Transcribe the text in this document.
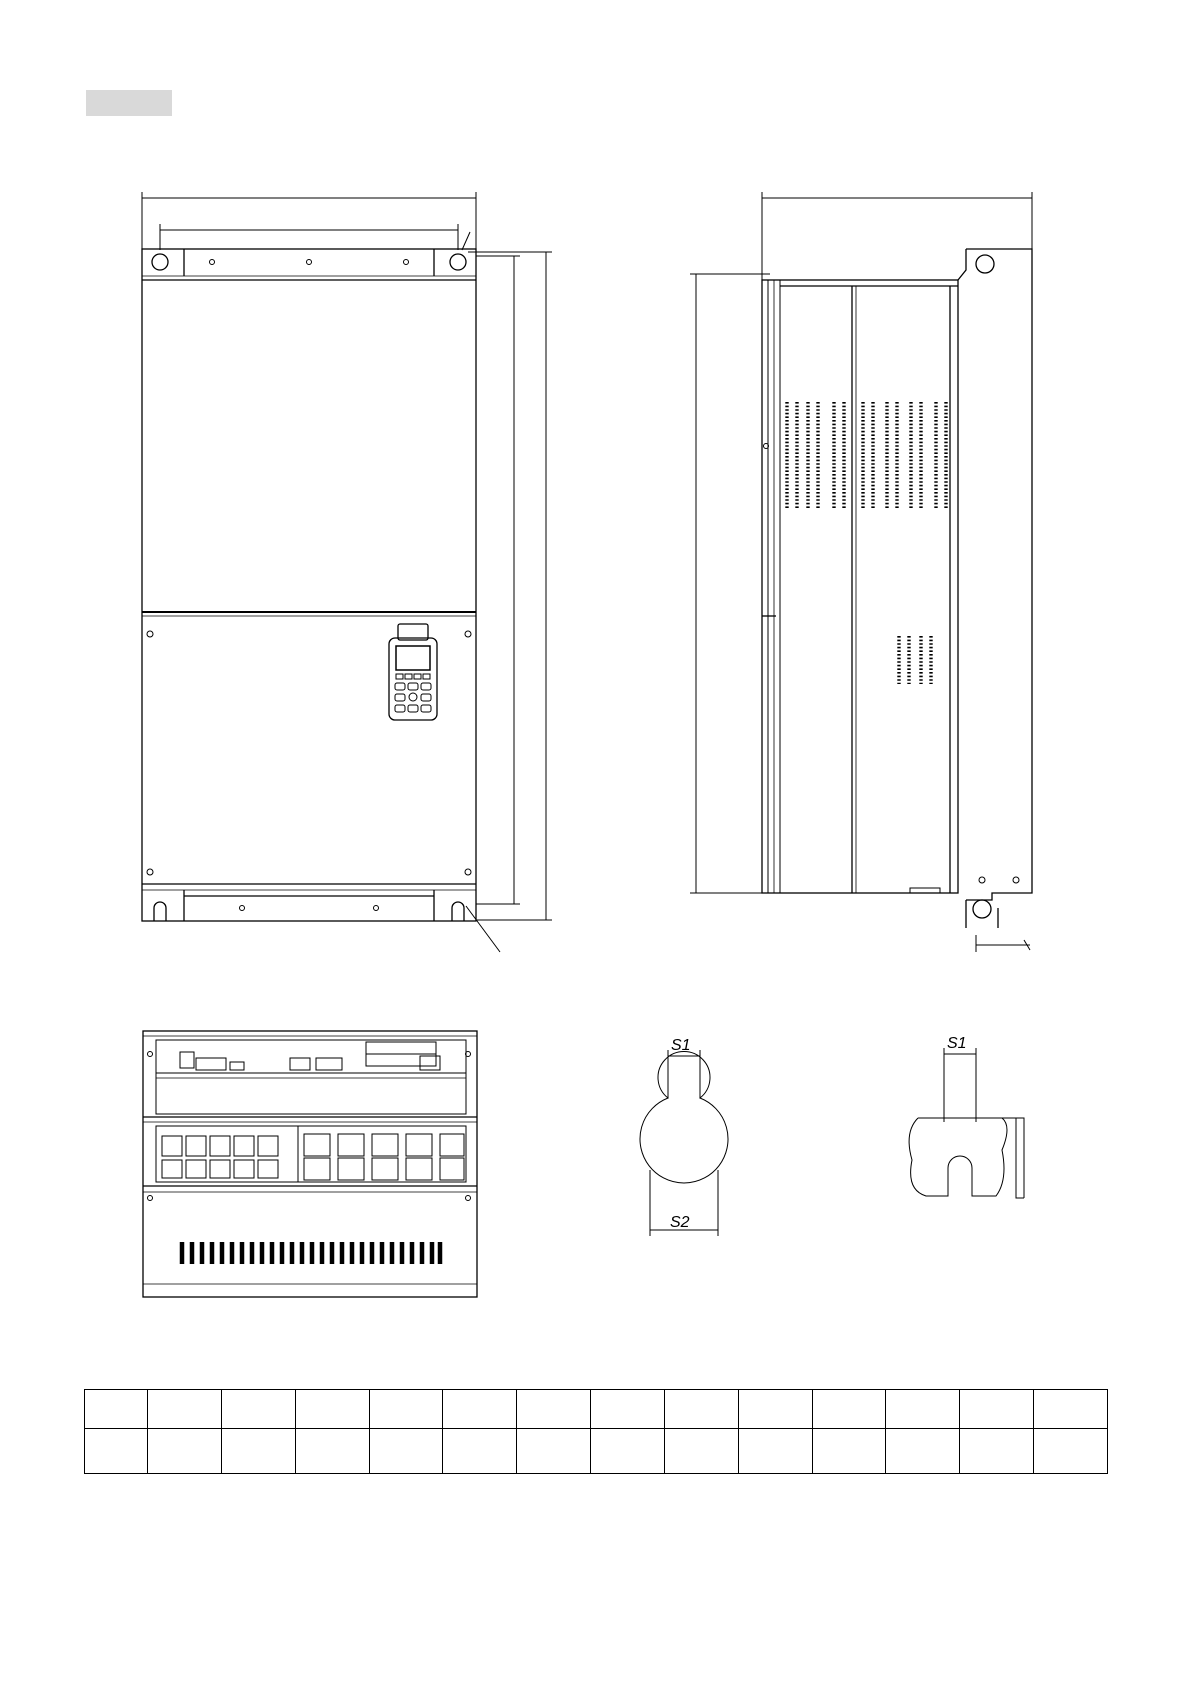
S1
S2
S1
